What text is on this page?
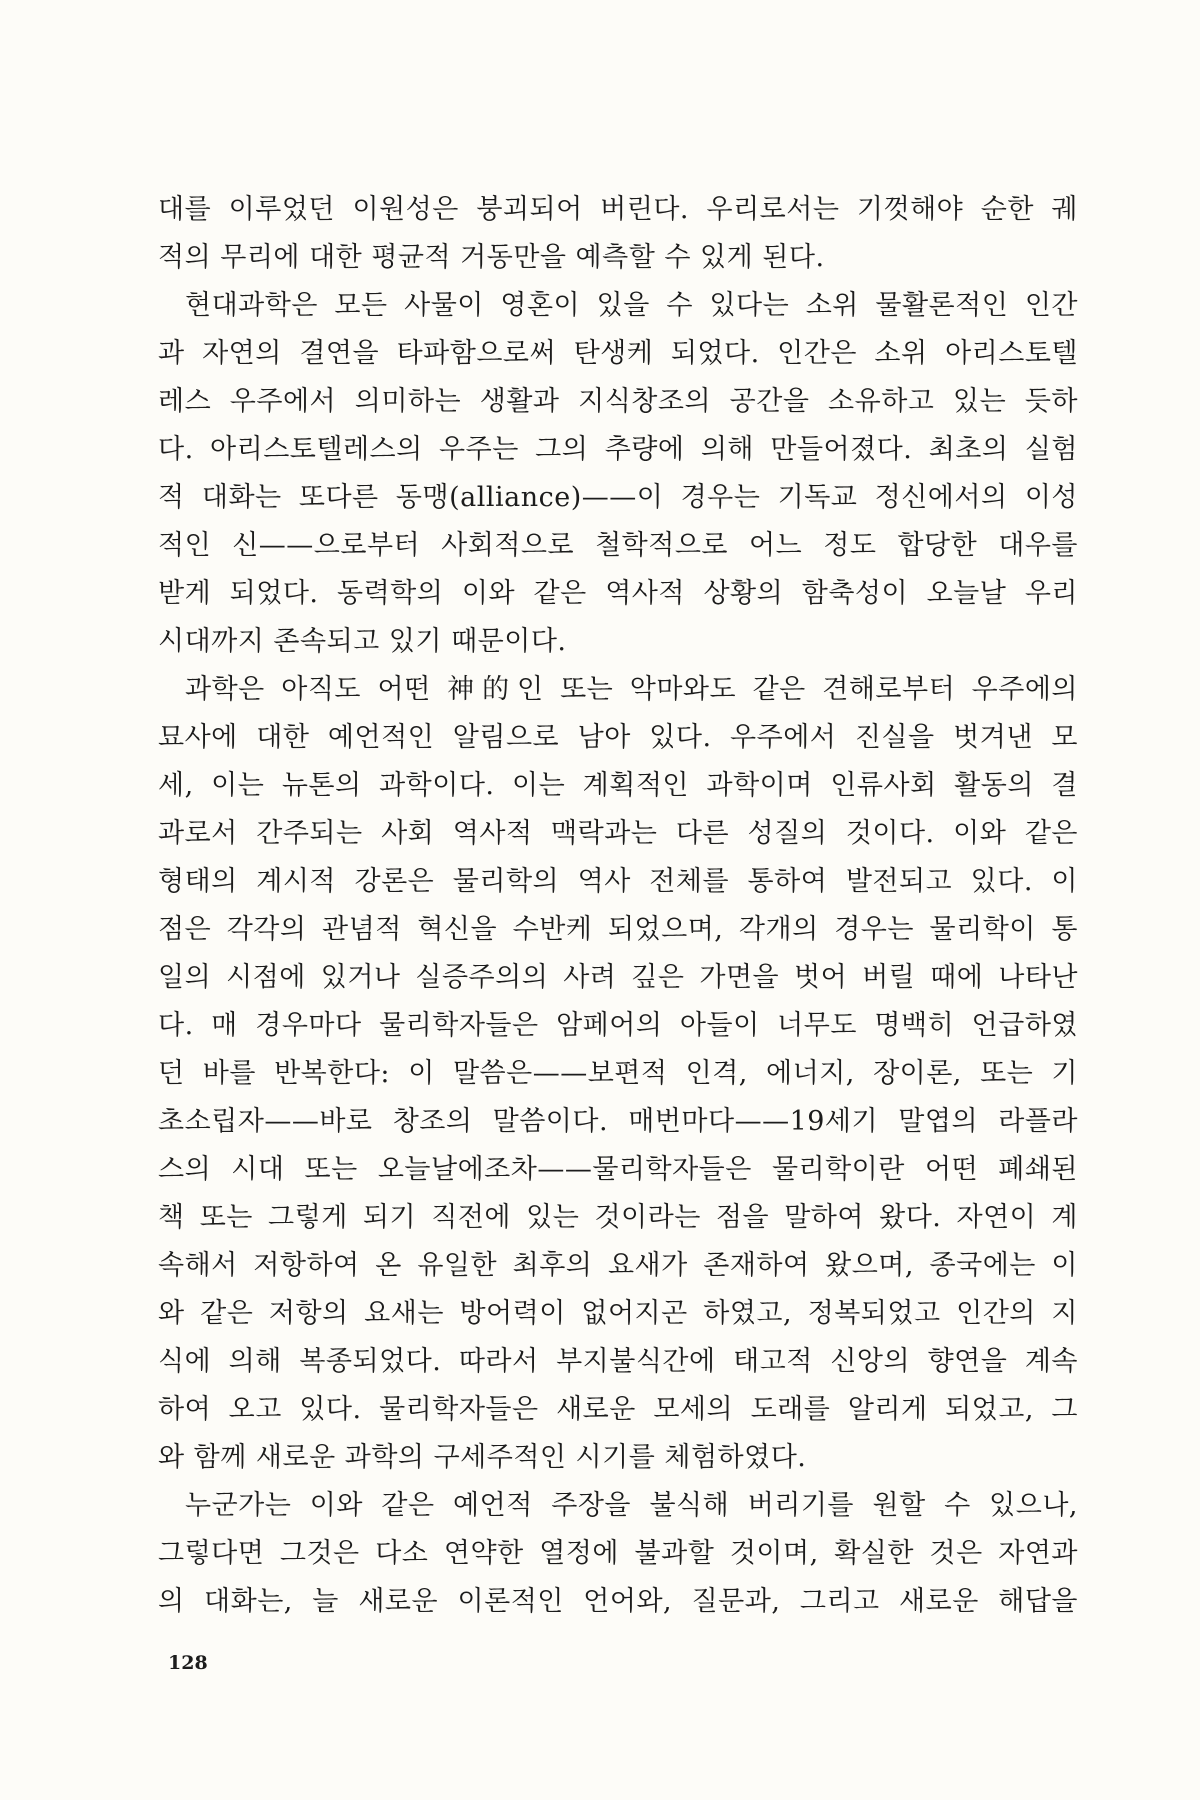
대를 이루었던 이원성은 붕괴되어 버린다. 우리로서는 기껏해야 순한 궤
적의 무리에 대한 평균적 거동만을 예측할 수 있게 된다.
현대과학은 모든 사물이 영혼이 있을 수 있다는 소위 물활론적인 인간
과 자연의 결연을 타파함으로써 탄생케 되었다. 인간은 소위 아리스토텔
레스 우주에서 의미하는 생활과 지식창조의 공간을 소유하고 있는 듯하
다. 아리스토텔레스의 우주는 그의 추량에 의해 만들어졌다. 최초의 실험
적 대화는 또다른 동맹(alliance)——이 경우는 기독교 정신에서의 이성
적인 신——으로부터 사회적으로 철학적으로 어느 정도 합당한 대우를
받게 되었다. 동력학의 이와 같은 역사적 상황의 함축성이 오늘날 우리
시대까지 존속되고 있기 때문이다.
과학은 아직도 어떤 神的인 또는 악마와도 같은 견해로부터 우주에의
묘사에 대한 예언적인 알림으로 남아 있다. 우주에서 진실을 벗겨낸 모
세, 이는 뉴톤의 과학이다. 이는 계획적인 과학이며 인류사회 활동의 결
과로서 간주되는 사회 역사적 맥락과는 다른 성질의 것이다. 이와 같은
형태의 계시적 강론은 물리학의 역사 전체를 통하여 발전되고 있다. 이
점은 각각의 관념적 혁신을 수반케 되었으며, 각개의 경우는 물리학이 통
일의 시점에 있거나 실증주의의 사려 깊은 가면을 벗어 버릴 때에 나타난
다. 매 경우마다 물리학자들은 암페어의 아들이 너무도 명백히 언급하였
던 바를 반복한다: 이 말씀은——보편적 인격, 에너지, 장이론, 또는 기
초소립자——바로 창조의 말씀이다. 매번마다——19세기 말엽의 라플라
스의 시대 또는 오늘날에조차——물리학자들은 물리학이란 어떤 폐쇄된
책 또는 그렇게 되기 직전에 있는 것이라는 점을 말하여 왔다. 자연이 계
속해서 저항하여 온 유일한 최후의 요새가 존재하여 왔으며, 종국에는 이
와 같은 저항의 요새는 방어력이 없어지곤 하였고, 정복되었고 인간의 지
식에 의해 복종되었다. 따라서 부지불식간에 태고적 신앙의 향연을 계속
하여 오고 있다. 물리학자들은 새로운 모세의 도래를 알리게 되었고, 그
와 함께 새로운 과학의 구세주적인 시기를 체험하였다.
누군가는 이와 같은 예언적 주장을 불식해 버리기를 원할 수 있으나,
그렇다면 그것은 다소 연약한 열정에 불과할 것이며, 확실한 것은 자연과
의 대화는, 늘 새로운 이론적인 언어와, 질문과, 그리고 새로운 해답을
128
